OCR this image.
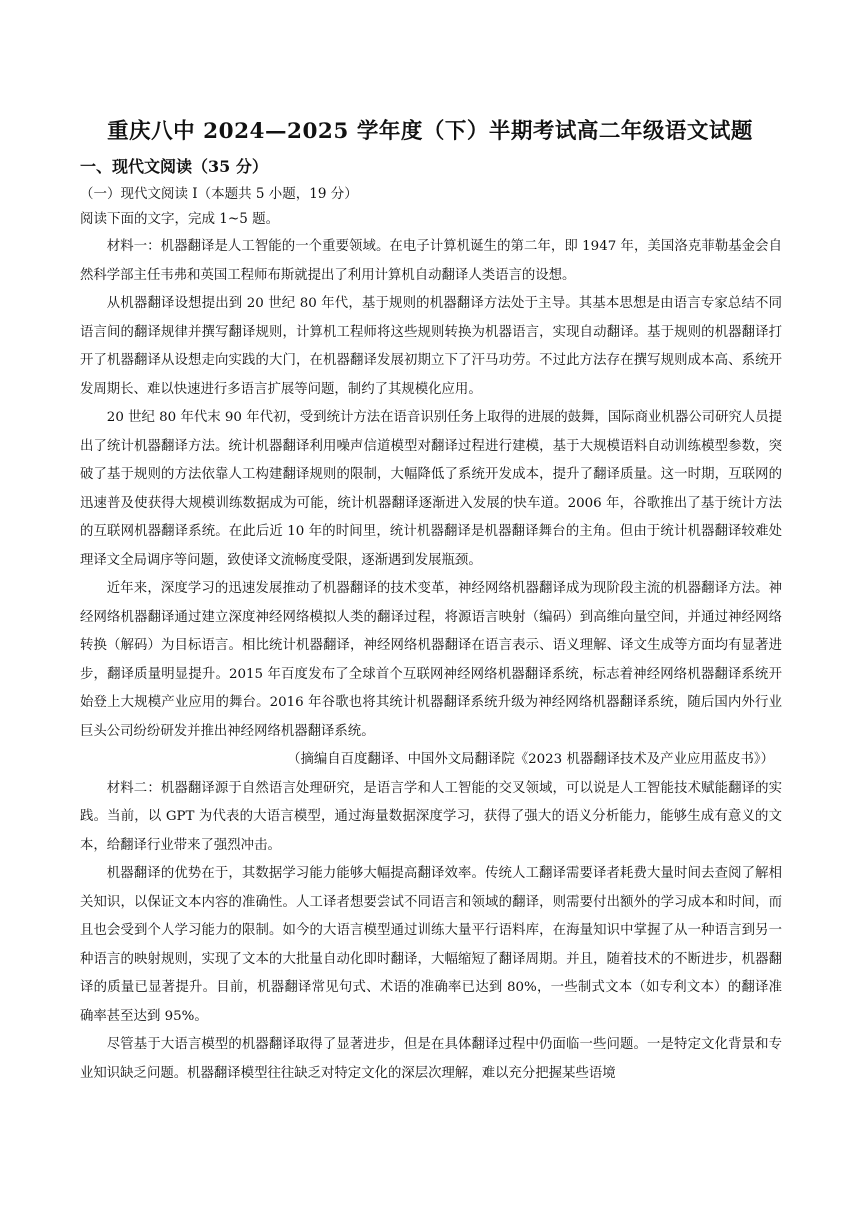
重庆八中 2024—2025 学年度（下）半期考试高二年级语文试题
一、现代文阅读（35 分）
（一）现代文阅读 I（本题共 5 小题，19 分）
阅读下面的文字，完成 1~5 题。

材料一：机器翻译是人工智能的一个重要领域。在电子计算机诞生的第二年，即 1947 年，美国洛克菲勒基金会自然科学部主任韦弗和英国工程师布斯就提出了利用计算机自动翻译人类语言的设想。

从机器翻译设想提出到 20 世纪 80 年代，基于规则的机器翻译方法处于主导。其基本思想是由语言专家总结不同语言间的翻译规律并撰写翻译规则，计算机工程师将这些规则转换为机器语言，实现自动翻译。基于规则的机器翻译打开了机器翻译从设想走向实践的大门，在机器翻译发展初期立下了汗马功劳。不过此方法存在撰写规则成本高、系统开发周期长、难以快速进行多语言扩展等问题，制约了其规模化应用。

20 世纪 80 年代末 90 年代初，受到统计方法在语音识别任务上取得的进展的鼓舞，国际商业机器公司研究人员提出了统计机器翻译方法。统计机器翻译利用噪声信道模型对翻译过程进行建模，基于大规模语料自动训练模型参数，突破了基于规则的方法依靠人工构建翻译规则的限制，大幅降低了系统开发成本，提升了翻译质量。这一时期，互联网的迅速普及使获得大规模训练数据成为可能，统计机器翻译逐渐进入发展的快车道。2006 年，谷歌推出了基于统计方法的互联网机器翻译系统。在此后近 10 年的时间里，统计机器翻译是机器翻译舞台的主角。但由于统计机器翻译较难处理译文全局调序等问题，致使译文流畅度受限，逐渐遇到发展瓶颈。

近年来，深度学习的迅速发展推动了机器翻译的技术变革，神经网络机器翻译成为现阶段主流的机器翻译方法。神经网络机器翻译通过建立深度神经网络模拟人类的翻译过程，将源语言映射（编码）到高维向量空间，并通过神经网络转换（解码）为目标语言。相比统计机器翻译，神经网络机器翻译在语言表示、语义理解、译文生成等方面均有显著进步，翻译质量明显提升。2015 年百度发布了全球首个互联网神经网络机器翻译系统，标志着神经网络机器翻译系统开始登上大规模产业应用的舞台。2016 年谷歌也将其统计机器翻译系统升级为神经网络机器翻译系统，随后国内外行业巨头公司纷纷研发并推出神经网络机器翻译系统。

（摘编自百度翻译、中国外文局翻译院《2023 机器翻译技术及产业应用蓝皮书》）

材料二：机器翻译源于自然语言处理研究，是语言学和人工智能的交叉领域，可以说是人工智能技术赋能翻译的实践。当前，以 GPT 为代表的大语言模型，通过海量数据深度学习，获得了强大的语义分析能力，能够生成有意义的文本，给翻译行业带来了强烈冲击。

机器翻译的优势在于，其数据学习能力能够大幅提高翻译效率。传统人工翻译需要译者耗费大量时间去查阅了解相关知识，以保证文本内容的准确性。人工译者想要尝试不同语言和领域的翻译，则需要付出额外的学习成本和时间，而且也会受到个人学习能力的限制。如今的大语言模型通过训练大量平行语料库，在海量知识中掌握了从一种语言到另一种语言的映射规则，实现了文本的大批量自动化即时翻译，大幅缩短了翻译周期。并且，随着技术的不断进步，机器翻译的质量已显著提升。目前，机器翻译常见句式、术语的准确率已达到 80%，一些制式文本（如专利文本）的翻译准确率甚至达到 95%。

尽管基于大语言模型的机器翻译取得了显著进步，但是在具体翻译过程中仍面临一些问题。一是特定文化背景和专业知识缺乏问题。机器翻译模型往往缺乏对特定文化的深层次理解，难以充分把握某些语境
